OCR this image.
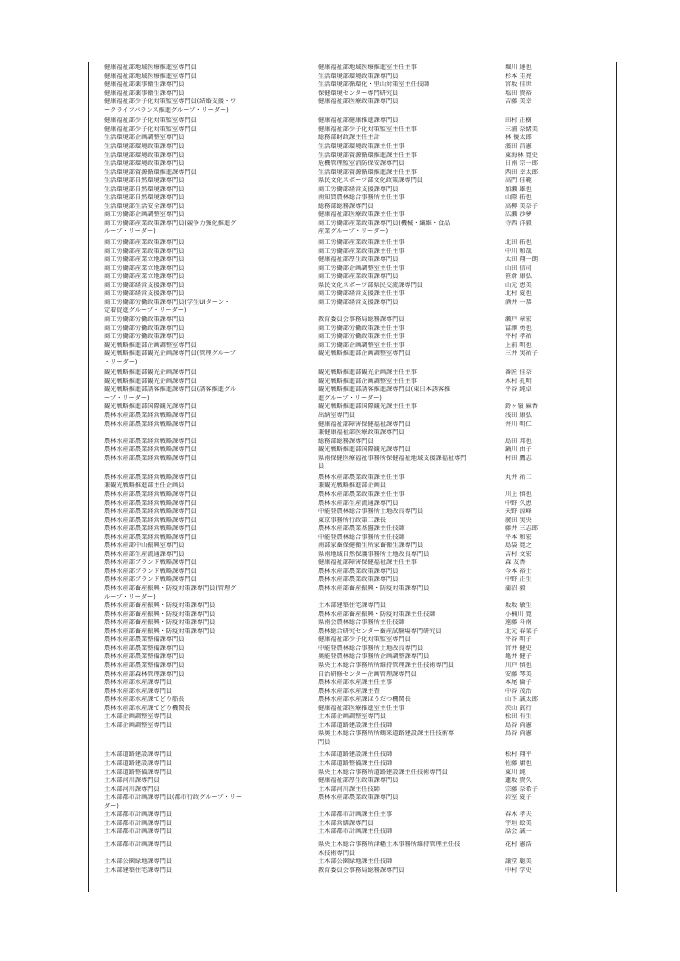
健康福祉部地域医療推進室専門員	健康福祉部地域医療推進室主任主事	堀川 達也
健康福祉部地域医療推進室専門員	生活環境部環境政策課専門員	杉本 圭亮
健康福祉部薬事衛生課専門員	生活環境部循環化・里山対策室主任技師	宮坂 佳世
健康福祉部薬事衛生課専門員	保健環境センター専門研究員	塩田 貴裕
健康福祉部少子化対策監室専門員(結婚支援・ワ	健康福祉部医療政策課専門員	吉藤 美幸
ークライフバランス推進グループ・リーダー)
健康福祉部少子化対策監室専門員	健康福祉部健康推進課専門員	田村 正樹
健康福祉部少子化対策監室専門員	健康福祉部少子化対策監室主任主事	三浦 奈緒美
生活環境部企画調整室専門員	総務部財政課主任主計	林 優太郎
生活環境部環境政策課専門員	生活環境部環境政策課主任主事	濱田 昌憲
生活環境部環境政策課専門員	生活環境部資源循環推進課主任主事	東海林 寛史
生活環境部環境政策課専門員	危機管理監室消防保安課専門員	日南 宗一郎
生活環境部資源循環推進課専門員	生活環境部資源循環推進課主任主事	西田 幸太郎
生活環境部自然環境課専門員	県民文化スポーツ部文化政策課専門員	高門 佳範
生活環境部自然環境課専門員	商工労働部経営支援課専門員	加瀬 雄也
生活環境部自然環境課専門員	南知賀農林総合事務所主任主事	山際 拓也
生活環境部生活安全課専門員	総務部総務課専門員	高柳 美奈子
商工労働部企画調整室専門員	健康福祉部医療政策課主任主事	広瀬 沙夢
商工労働部産業政策課専門員(競争力強化推進グ	商工労働部産業政策課専門員(機械・繊維・食品	寺西 洋毅
ループ・リーダー)	産業グループ・リーダー)
商工労働部産業政策課専門員	商工労働部産業政策課主任主事	北田 拓也
商工労働部産業政策課専門員	商工労働部産業政策課主任主事	中川 和哉
商工労働部産業立地課専門員	健康福祉部厚生政策課専門員	太田 翔一朗
商工労働部産業立地課専門員	商工労働部企画調整室主任主事	山田 信司
商工労働部産業立地課専門員	商工労働部産業政策課専門員	笹倉 康弘
商工労働部経営支援課専門員	県民文化スポーツ部県民交流課専門員	山元 恵美
商工労働部経営支援課専門員	商工労働部経営支援課主任主事	北村 夏也
商工労働部労働政策課専門員(学生UIターン・	商工労働部経営支援課専門員	酒井 一恭
定着促進グループ・リーダー)
商工労働部労働政策課専門員	教育委員会事務局総務課専門員	瀬戸 章宏
商工労働部労働政策課専門員	商工労働部労働政策課主任主事	冨澤 勇也
商工労働部労働政策課専門員	商工労働部労働政策課主任主事	平村 孝祐
観光戦略推進部企画調整室専門員	商工労働部企画調整室主任主事	上前 明也
観光戦略推進部観光企画課専門員(管理グループ	観光戦略推進部企画調整室専門員	三井 実祐子
・リーダー)
観光戦略推進部観光企画課専門員	観光戦略推進部観光企画課主任主事	番匠 佳奈
観光戦略推進部観光企画課専門員	観光戦略推進部企画調整室主任主事	木村 孔明
観光戦略推進部誘客推進課専門員(誘客推進グル	観光戦略推進部誘客推進課専門員(東日本誘客推	平谷 純卓
ープ・リーダー)	進グループ・リーダー)
観光戦略推進部国際観光課専門員	観光戦略推進部国際観光課主任主事	鈴ヶ嶺 麻香
農林水産部農業経営戦略課専門員	出納室専門員	浅田 康弘
農林水産部農業経営戦略課専門員	健康福祉部障害保健福祉課専門員	井川 明仁
兼健康福祉部医療政策課専門員
農林水産部農業経営戦略課専門員	総務部総務課専門員	島田 邦也
農林水産部農業経営戦略課専門員	観光戦略推進部国際観光課専門員	鍋川 由子
農林水産部農業経営戦略課専門員	県南保健医療福祉事務所保健福祉地域支援課福祉専門	村田 鷹志
員
農林水産部農業経営戦略課専門員	農林水産部農業政策課主任主事	丸井 祐二
兼観光戦略推進部主任企画員	兼観光戦略推進部企画員
農林水産部農業経営戦略課専門員	農林水産部農業政策課主任主事	川上 慎也
農林水産部農業経営戦略課専門員	農林水産部生産流通課専門員	中野 久恵
農林水産部農業経営戦略課専門員	中能登農林総合事務所土地改良専門員	天野 涼峰
農林水産部農業経営戦略課専門員	東京事務所行政第二課長	廣田 実央
農林水産部農業経営戦略課専門員	農林水産部農業基盤課主任技師	藤井 三志郎
農林水産部農業経営戦略課専門員	中能登農林総合事務所主任技師	平本 和宏
農林水産部中山振興室専門員	南部家畜保健衛生所家畜衛生課専門員	島袋 寛之
農林水産部生産流通課専門員	県南地域自然保護事務所土地改良専門員	吉村 文宏
農林水産部ブランド戦略課専門員	健康福祉部障害保健福祉課主任主事	森 友香
農林水産部ブランド戦略課専門員	農林水産部農業政策課専門員	今本 裕士
農林水産部ブランド戦略課専門員	農林水産部農業政策課専門員	中野 正生
農林水産部畜産振興・防疫対策課専門員(管理グ	農林水産部畜産振興・防疫対策課専門員	蒲沼 毅
ループ・リーダー)
農林水産部畜産振興・防疫対策課専門員	土木部建築住宅課専門員	坂坂 敏生
農林水産部畜産振興・防疫対策課専門員	農林水産部畜産振興・防疫対策課主任技師	小楠川 寛
農林水産部畜産振興・防疫対策課専門員	県南会農林総合事務所主任技師	遠藤 斗南
農林水産部畜産振興・防疫対策課専門員	農林総合研究センター畜産試験場専門研究員	北元 春菜子
農林水産部農業整備課専門員	健康福祉部少子化対策監室専門員	平谷 明子
農林水産部農業整備課専門員	中能登農林総合事務所土地改良専門員	宮井 健史
農林水産部農業整備課専門員	奥能登農林総合事務所企画調整課専門員	亀井 健子
農林水産部農業整備課専門員	県央土木総合事務所所維持管理課主任技術専門員	川戸 慎也
農林水産部森林管理課専門員	自治研修センター企画管理課専門員	安藤 琴美
農林水産部水産課専門員	農林水産部水産課主任主事	本尾 倫子
農林水産部水産課専門員	農林水産部水産課主査	中谷 茂治
農林水産部水産課てどり船長	農林水産部水産課ほうだつ機関長	山下 誠太郎
農林水産部水産課てどり機関長	健康福祉部医療推進室主任主事	茨山 眞行
土木部企画調整室専門員	土木部企画調整室専門員	松田 有生
土木部企画調整室専門員	土木部道路建設課主任技師	島谷 尚憲
県奥土木総合事務所所鶴来道路建設課主任技術専	鳥谷 尚憲
門員
土木部道路建設課専門員	土木部道路建設課主任技師	松村 翔平
土木部道路建設課専門員	土木部道路整備課主任技師	佐藤 庸也
土木部道路整備課専門員	県央土木総合事務所道路建設課主任技術専門員	東川 純
土木部河川課専門員	健康福祉部厚生政策課専門員	蓮坂 貴久
土木部河川課専門員	土木部河川課主任技師	宗藤 奈希子
土木部都市計画課専門員(都市行政グループ・リー	農林水産部農業政策課専門員	岩室 夏子
ダー)
土木部都市計画課専門員	土木部都市計画課主任主事	春木 孝夫
土木部都市計画課専門員	土木部営繕課専門員	宇垣 絵美
土木部都市計画課専門員	土木部都市計画課主任技師	話会 誠一
土木部都市計画課専門員	県央土木総合事務所津幡土木事務所維持管理主任技	花村 憲浩
木技術専門員
土木部公園緑地課専門員	土木部公園緑地課主任技師	譲堂 聡美
土木部建築住宅課専門員	教育委員会事務局総務課専門員	中村 学史
